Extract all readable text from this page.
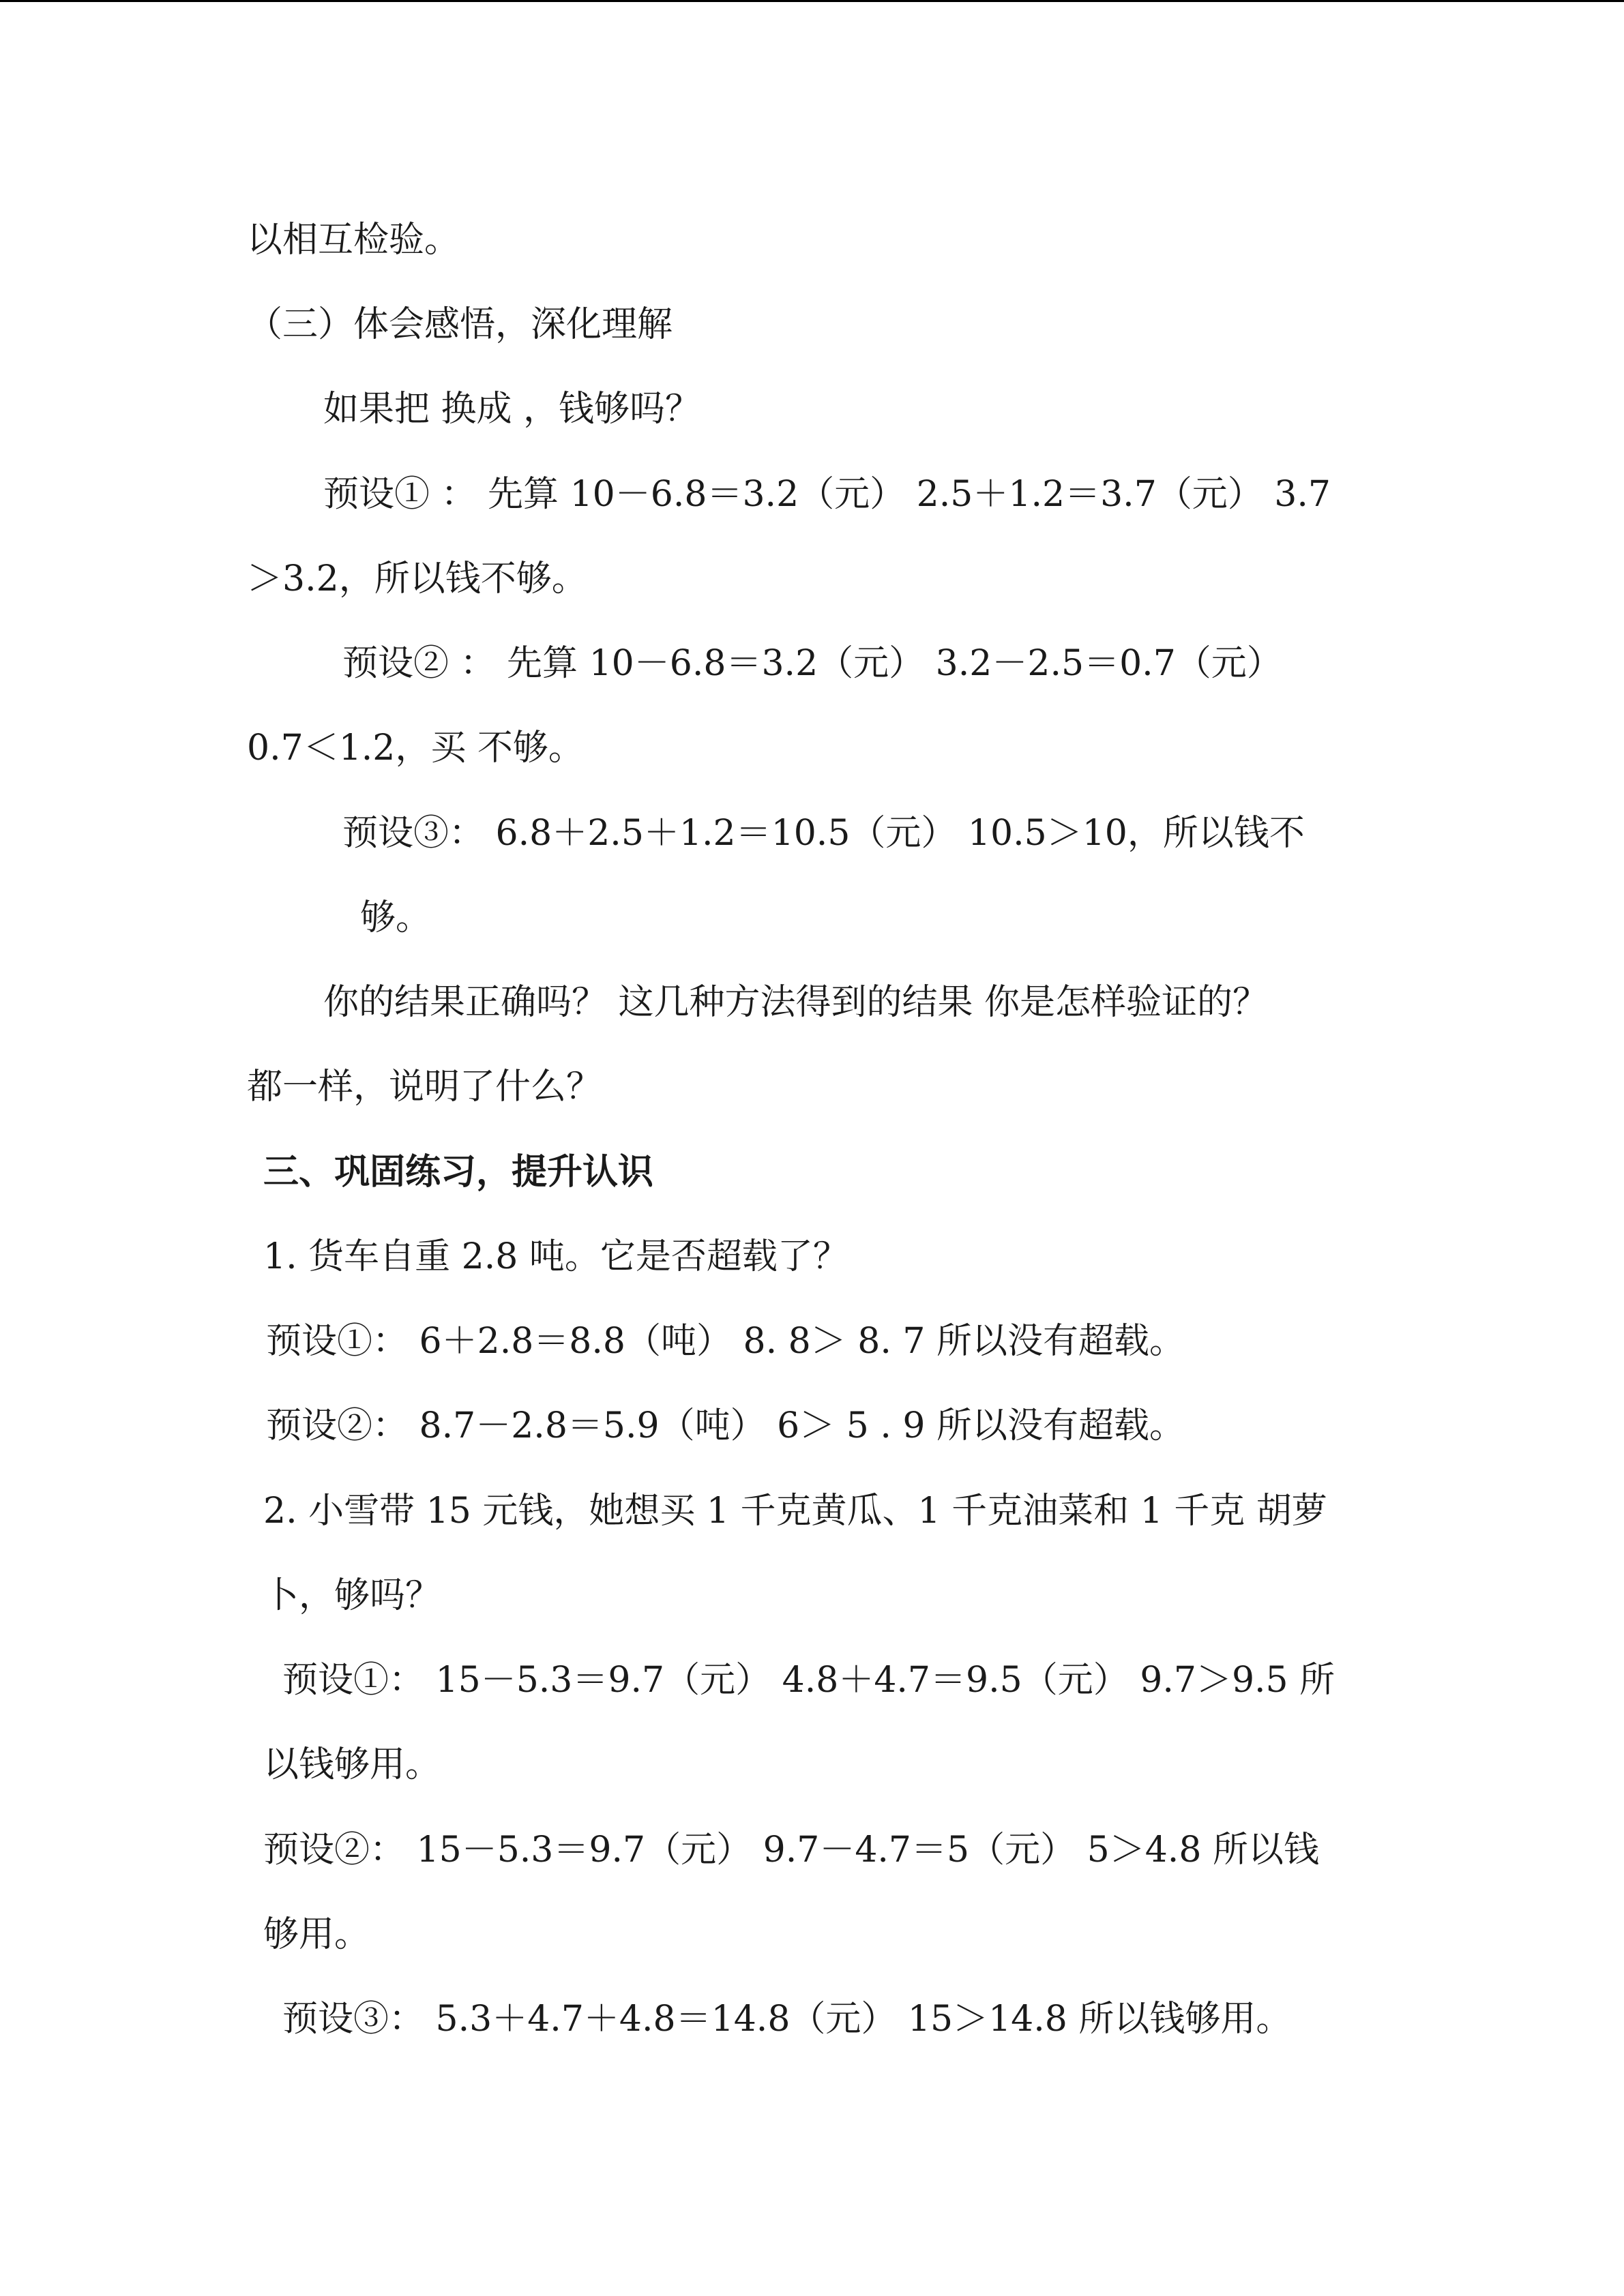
以相互检验。
（三）体会感悟，深化理解
如果把 换成 ，钱够吗？
预设① ： 先算 10－6.8＝3.2（元） 2.5＋1.2＝3.7（元） 3.7
＞3.2，所以钱不够。
预设② ： 先算 10－6.8＝3.2（元） 3.2－2.5＝0.7（元）
0.7＜1.2，买 不够。
预设③： 6.8＋2.5＋1.2＝10.5（元） 10.5＞10，所以钱不
够。
你的结果正确吗？ 这几种方法得到的结果 你是怎样验证的？
都一样，说明了什么？
三、巩固练习，提升认识
1. 货车自重 2.8 吨。它是否超载了？
预设①： 6＋2.8＝8.8（吨） 8. 8＞ 8. 7 所以没有超载。
预设②： 8.7－2.8＝5.9（吨） 6＞ 5 . 9 所以没有超载。
2. 小雪带 15 元钱，她想买 1 千克黄瓜、1 千克油菜和 1 千克 胡萝
卜，够吗？
预设①： 15－5.3＝9.7（元） 4.8＋4.7＝9.5（元） 9.7＞9.5 所
以钱够用。
预设②： 15－5.3＝9.7（元） 9.7－4.7＝5（元） 5＞4.8 所以钱
够用。
预设③： 5.3＋4.7＋4.8＝14.8（元） 15＞14.8 所以钱够用。
